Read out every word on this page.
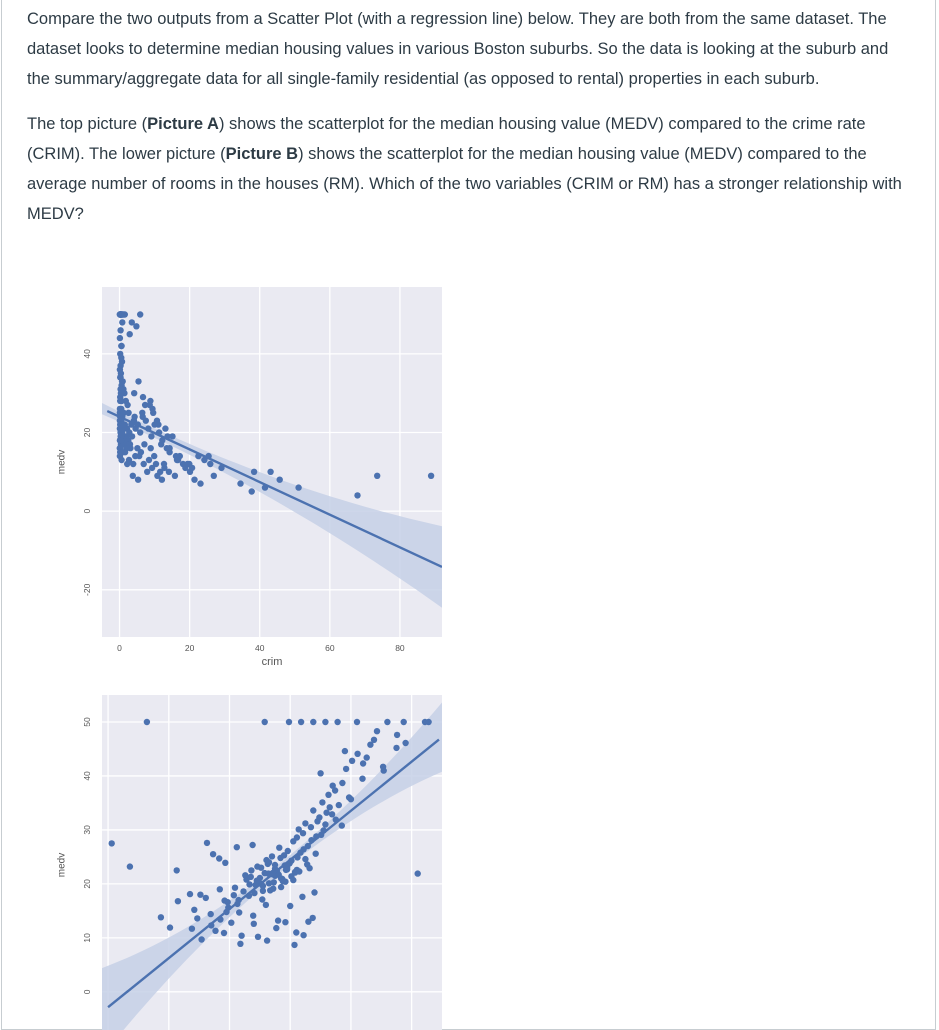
Compare the two outputs from a Scatter Plot (with a regression line) below. They are both from the same dataset. The dataset looks to determine median housing values in various Boston suburbs. So the data is looking at the suburb and the summary/aggregate data for all single-family residential (as opposed to rental) properties in each suburb.

The top picture (Picture A) shows the scatterplot for the median housing value (MEDV) compared to the crime rate (CRIM). The lower picture (Picture B) shows the scatterplot for the median housing value (MEDV) compared to the average number of rooms in the houses (RM). Which of the two variables (CRIM or RM) has a stronger relationship with MEDV?

40
20
0
-20
0	20	40	60	80
crim
medv
50
40
30
20
10
0
medv
